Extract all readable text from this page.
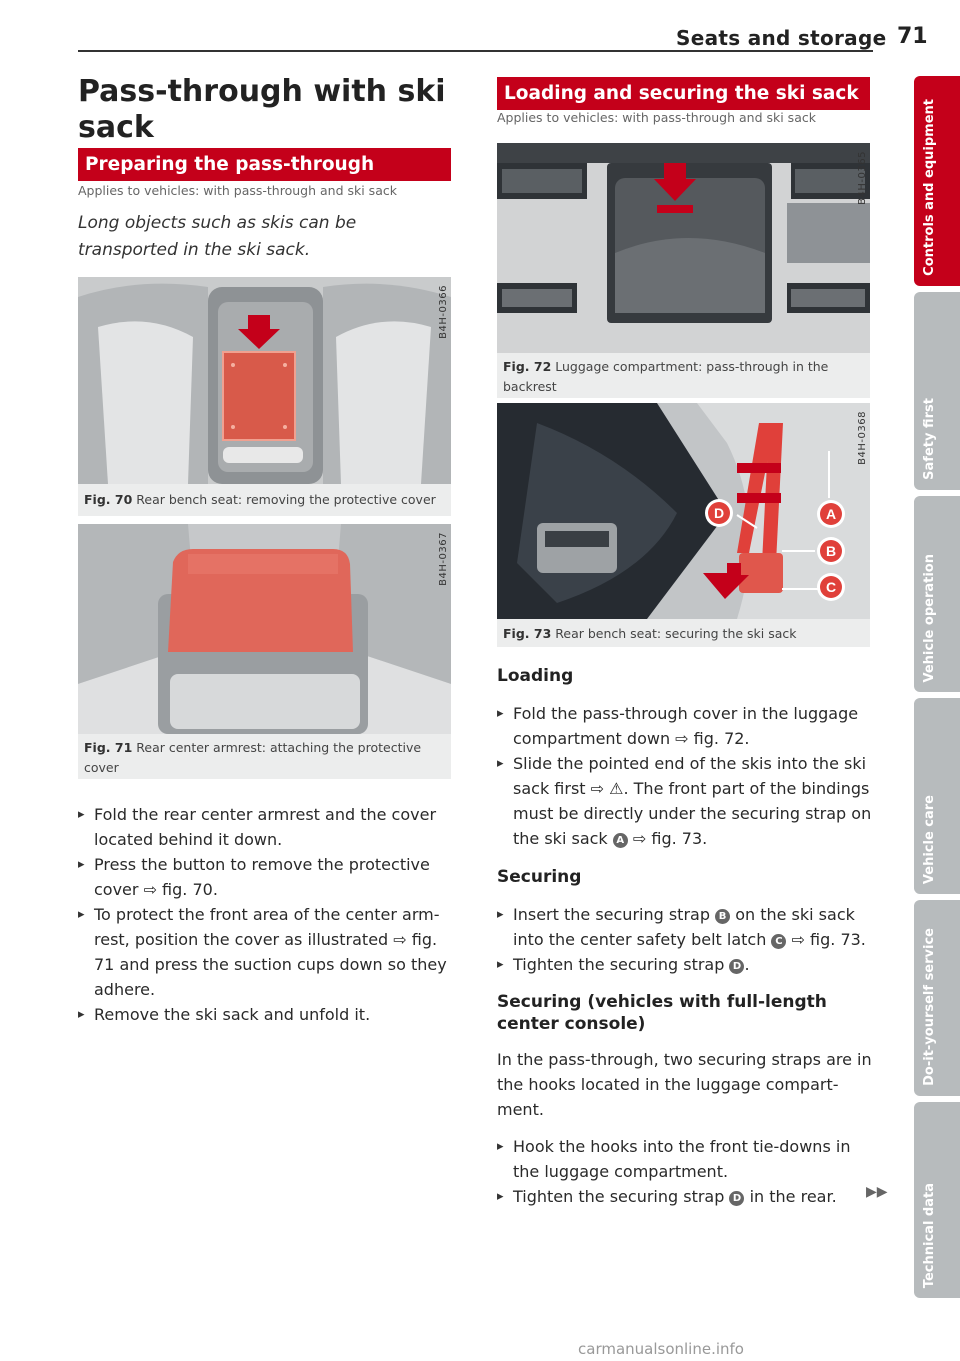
Seats and storage 71
Pass-through with ski sack
Preparing the pass-through
Applies to vehicles: with pass-through and ski sack
Long objects such as skis can be transported in the ski sack.
B4H-0366
Fig. 70 Rear bench seat: removing the protective cover
B4H-0367
Fig. 71 Rear center armrest: attaching the protective cover
▸ Fold the rear center armrest and the cover located behind it down.
▸ Press the button to remove the protective cover ⇨ fig. 70.
▸ To protect the front area of the center armrest, position the cover as illustrated ⇨ fig. 71 and press the suction cups down so they adhere.
▸ Remove the ski sack and unfold it.
Loading and securing the ski sack
Applies to vehicles: with pass-through and ski sack
B4H-0365
Fig. 72 Luggage compartment: pass-through in the backrest
D	A
B
C
B4H-0368
Fig. 73 Rear bench seat: securing the ski sack
Loading
▸ Fold the pass-through cover in the luggage compartment down ⇨ fig. 72.
▸ Slide the pointed end of the skis into the ski sack first ⇨ ⚠. The front part of the bindings must be directly under the securing strap on the ski sack A ⇨ fig. 73.
Securing
▸ Insert the securing strap B on the ski sack into the center safety belt latch C ⇨ fig. 73.
▸ Tighten the securing strap D .
Securing (vehicles with full-length center console)
In the pass-through, two securing straps are in the hooks located in the luggage compartment.
▸ Hook the hooks into the front tie-downs in the luggage compartment.
▸ Tighten the securing strap D in the rear.	▶▶
Controls and equipment
Safety first
Vehicle operation
Vehicle care
Do-it-yourself service
Technical data
carmanualsonline.info
